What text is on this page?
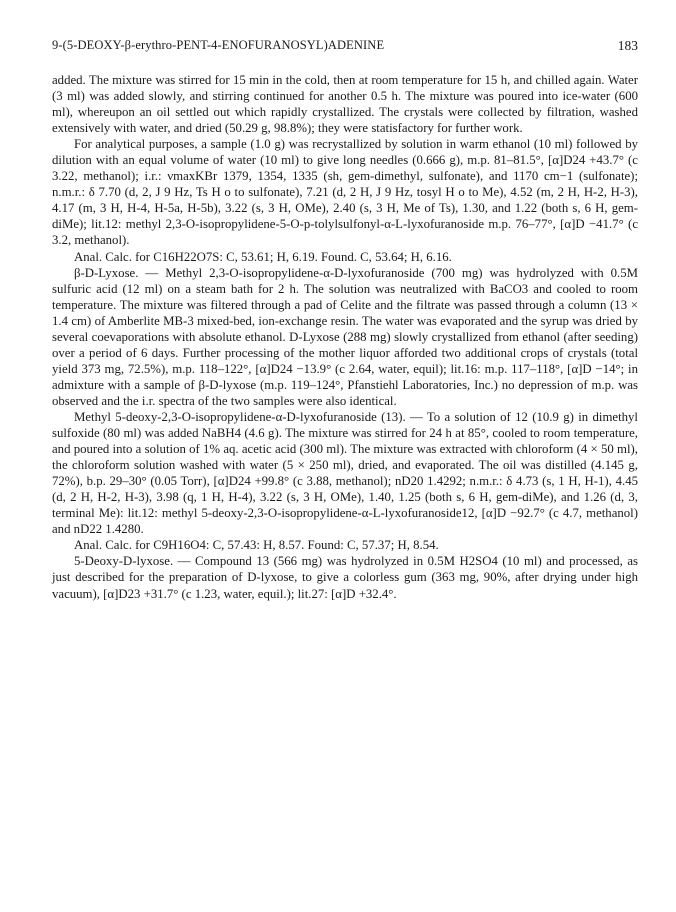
9-(5-DEOXY-β-erythro-PENT-4-ENOFURANOSYL)ADENINE	183

added. The mixture was stirred for 15 min in the cold, then at room temperature for 15 h, and chilled again. Water (3 ml) was added slowly, and stirring continued for another 0.5 h. The mixture was poured into ice-water (600 ml), whereupon an oil settled out which rapidly crystallized. The crystals were collected by filtration, washed extensively with water, and dried (50.29 g, 98.8%); they were statisfactory for further work.

For analytical purposes, a sample (1.0 g) was recrystallized by solution in warm ethanol (10 ml) followed by dilution with an equal volume of water (10 ml) to give long needles (0.666 g), m.p. 81–81.5°, [α]D24 +43.7° (c 3.22, methanol); i.r.: νmaxKBr 1379, 1354, 1335 (sh, gem-dimethyl, sulfonate), and 1170 cm−1 (sulfonate); n.m.r.: δ 7.70 (d, 2, J 9 Hz, Ts H o to sulfonate), 7.21 (d, 2 H, J 9 Hz, tosyl H o to Me), 4.52 (m, 2 H, H-2, H-3), 4.17 (m, 3 H, H-4, H-5a, H-5b), 3.22 (s, 3 H, OMe), 2.40 (s, 3 H, Me of Ts), 1.30, and 1.22 (both s, 6 H, gem-diMe); lit.12: methyl 2,3-O-isopropylidene-5-O-p-tolylsulfonyl-α-L-lyxofuranoside m.p. 76–77°, [α]D −41.7° (c 3.2, methanol).

Anal. Calc. for C16H22O7S: C, 53.61; H, 6.19. Found. C, 53.64; H, 6.16.

β-D-Lyxose. — Methyl 2,3-O-isopropylidene-α-D-lyxofuranoside (700 mg) was hydrolyzed with 0.5M sulfuric acid (12 ml) on a steam bath for 2 h. The solution was neutralized with BaCO3 and cooled to room temperature. The mixture was filtered through a pad of Celite and the filtrate was passed through a column (13 × 1.4 cm) of Amberlite MB-3 mixed-bed, ion-exchange resin. The water was evaporated and the syrup was dried by several coevaporations with absolute ethanol. D-Lyxose (288 mg) slowly crystallized from ethanol (after seeding) over a period of 6 days. Further processing of the mother liquor afforded two additional crops of crystals (total yield 373 mg, 72.5%), m.p. 118–122°, [α]D24 −13.9° (c 2.64, water, equil); lit.16: m.p. 117–118°, [α]D −14°; in admixture with a sample of β-D-lyxose (m.p. 119–124°, Pfanstiehl Laboratories, Inc.) no depression of m.p. was observed and the i.r. spectra of the two samples were also identical.

Methyl 5-deoxy-2,3-O-isopropylidene-α-D-lyxofuranoside (13). — To a solution of 12 (10.9 g) in dimethyl sulfoxide (80 ml) was added NaBH4 (4.6 g). The mixture was stirred for 24 h at 85°, cooled to room temperature, and poured into a solution of 1% aq. acetic acid (300 ml). The mixture was extracted with chloroform (4 × 50 ml), the chloroform solution washed with water (5 × 250 ml), dried, and evaporated. The oil was distilled (4.145 g, 72%), b.p. 29–30° (0.05 Torr), [α]D24 +99.8° (c 3.88, methanol); nD20 1.4292; n.m.r.: δ 4.73 (s, 1 H, H-1), 4.45 (d, 2 H, H-2, H-3), 3.98 (q, 1 H, H-4), 3.22 (s, 3 H, OMe), 1.40, 1.25 (both s, 6 H, gem-diMe), and 1.26 (d, 3, terminal Me): lit.12: methyl 5-deoxy-2,3-O-isopropylidene-α-L-lyxofuranoside12, [α]D −92.7° (c 4.7, methanol) and nD22 1.4280.

Anal. Calc. for C9H16O4: C, 57.43: H, 8.57. Found: C, 57.37; H, 8.54.

5-Deoxy-D-lyxose. — Compound 13 (566 mg) was hydrolyzed in 0.5M H2SO4 (10 ml) and processed, as just described for the preparation of D-lyxose, to give a colorless gum (363 mg, 90%, after drying under high vacuum), [α]D23 +31.7° (c 1.23, water, equil.); lit.27: [α]D +32.4°.
